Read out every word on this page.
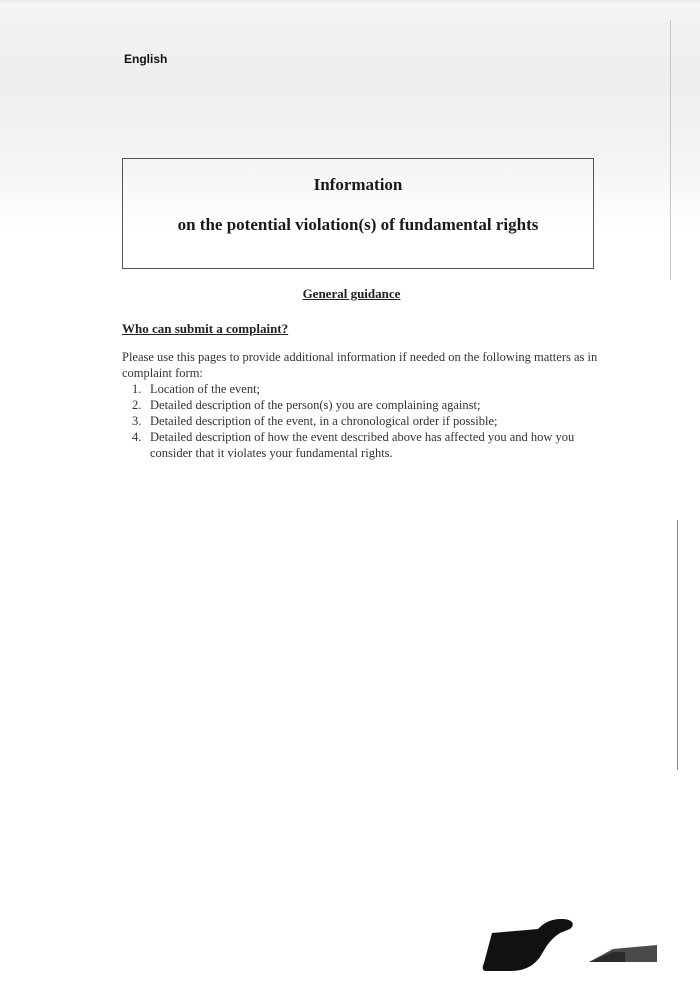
English
Information
on the potential violation(s) of fundamental rights
General guidance
Who can submit a complaint?
Please use this pages to provide additional information if needed on the following matters as in complaint form:
1. Location of the event;
2. Detailed description of the person(s) you are complaining against;
3. Detailed description of the event, in a chronological order if possible;
4. Detailed description of how the event described above has affected you and how you consider that it violates your fundamental rights.
